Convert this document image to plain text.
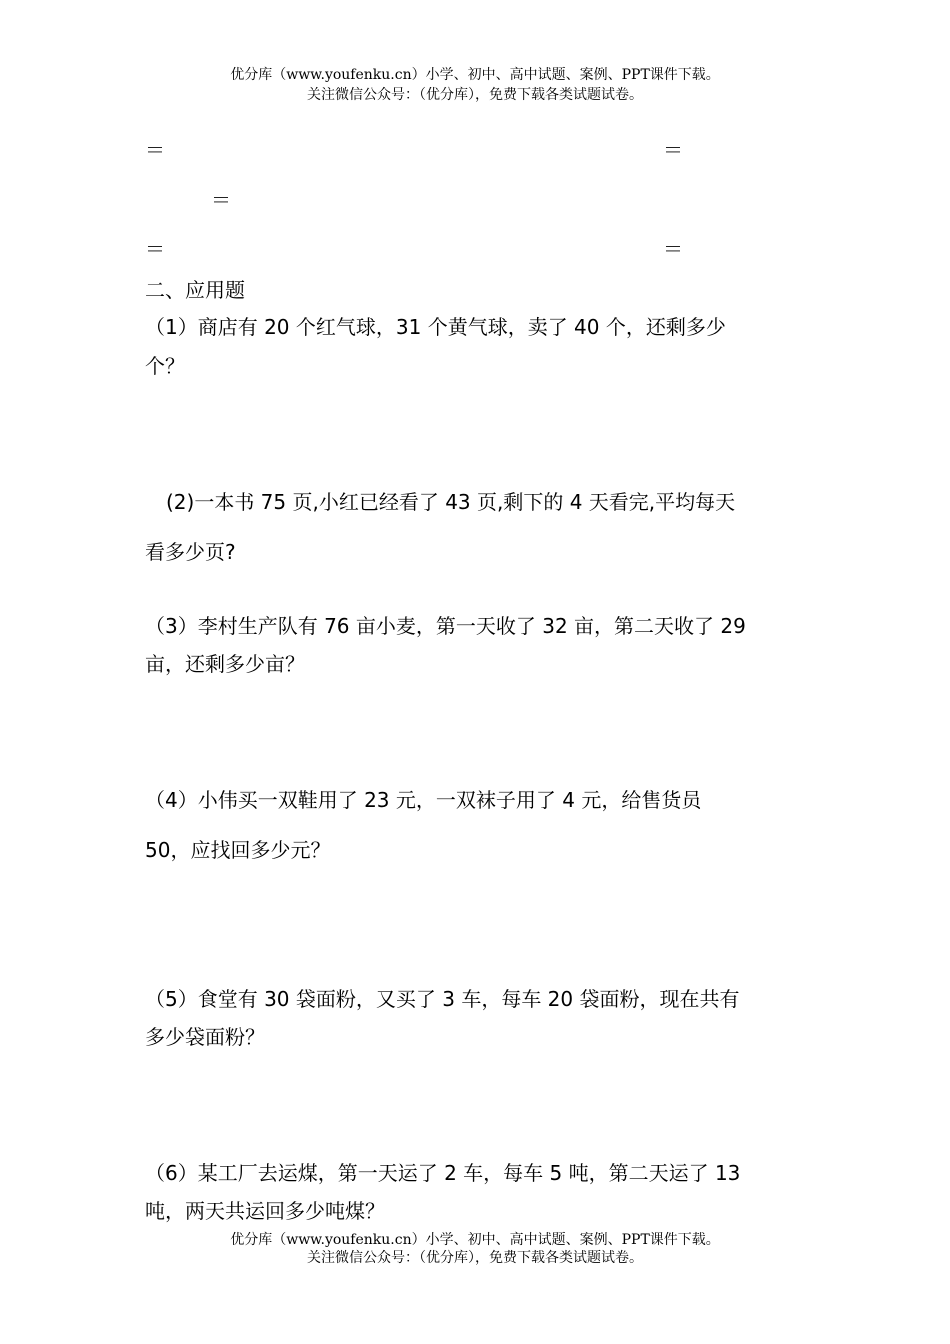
优分库（www.youfenku.cn）小学、初中、高中试题、案例、PPT课件下载。
关注微信公众号：（优分库），免费下载各类试题试卷。
＝	＝
＝
＝	＝
二、应用题
（1）商店有 20 个红气球，31 个黄气球，卖了 40 个，还剩多少
个？
(2)一本书 75 页,小红已经看了 43 页,剩下的 4 天看完,平均每天
看多少页?
（3）李村生产队有 76 亩小麦，第一天收了 32 亩，第二天收了 29
亩，还剩多少亩？
（4）小伟买一双鞋用了 23 元，一双袜子用了 4 元，给售货员
50，应找回多少元？
（5）食堂有 30 袋面粉，又买了 3 车，每车 20 袋面粉，现在共有
多少袋面粉？
（6）某工厂去运煤，第一天运了 2 车，每车 5 吨，第二天运了 13
吨，两天共运回多少吨煤？
优分库（www.youfenku.cn）小学、初中、高中试题、案例、PPT课件下载。
关注微信公众号：（优分库），免费下载各类试题试卷。
